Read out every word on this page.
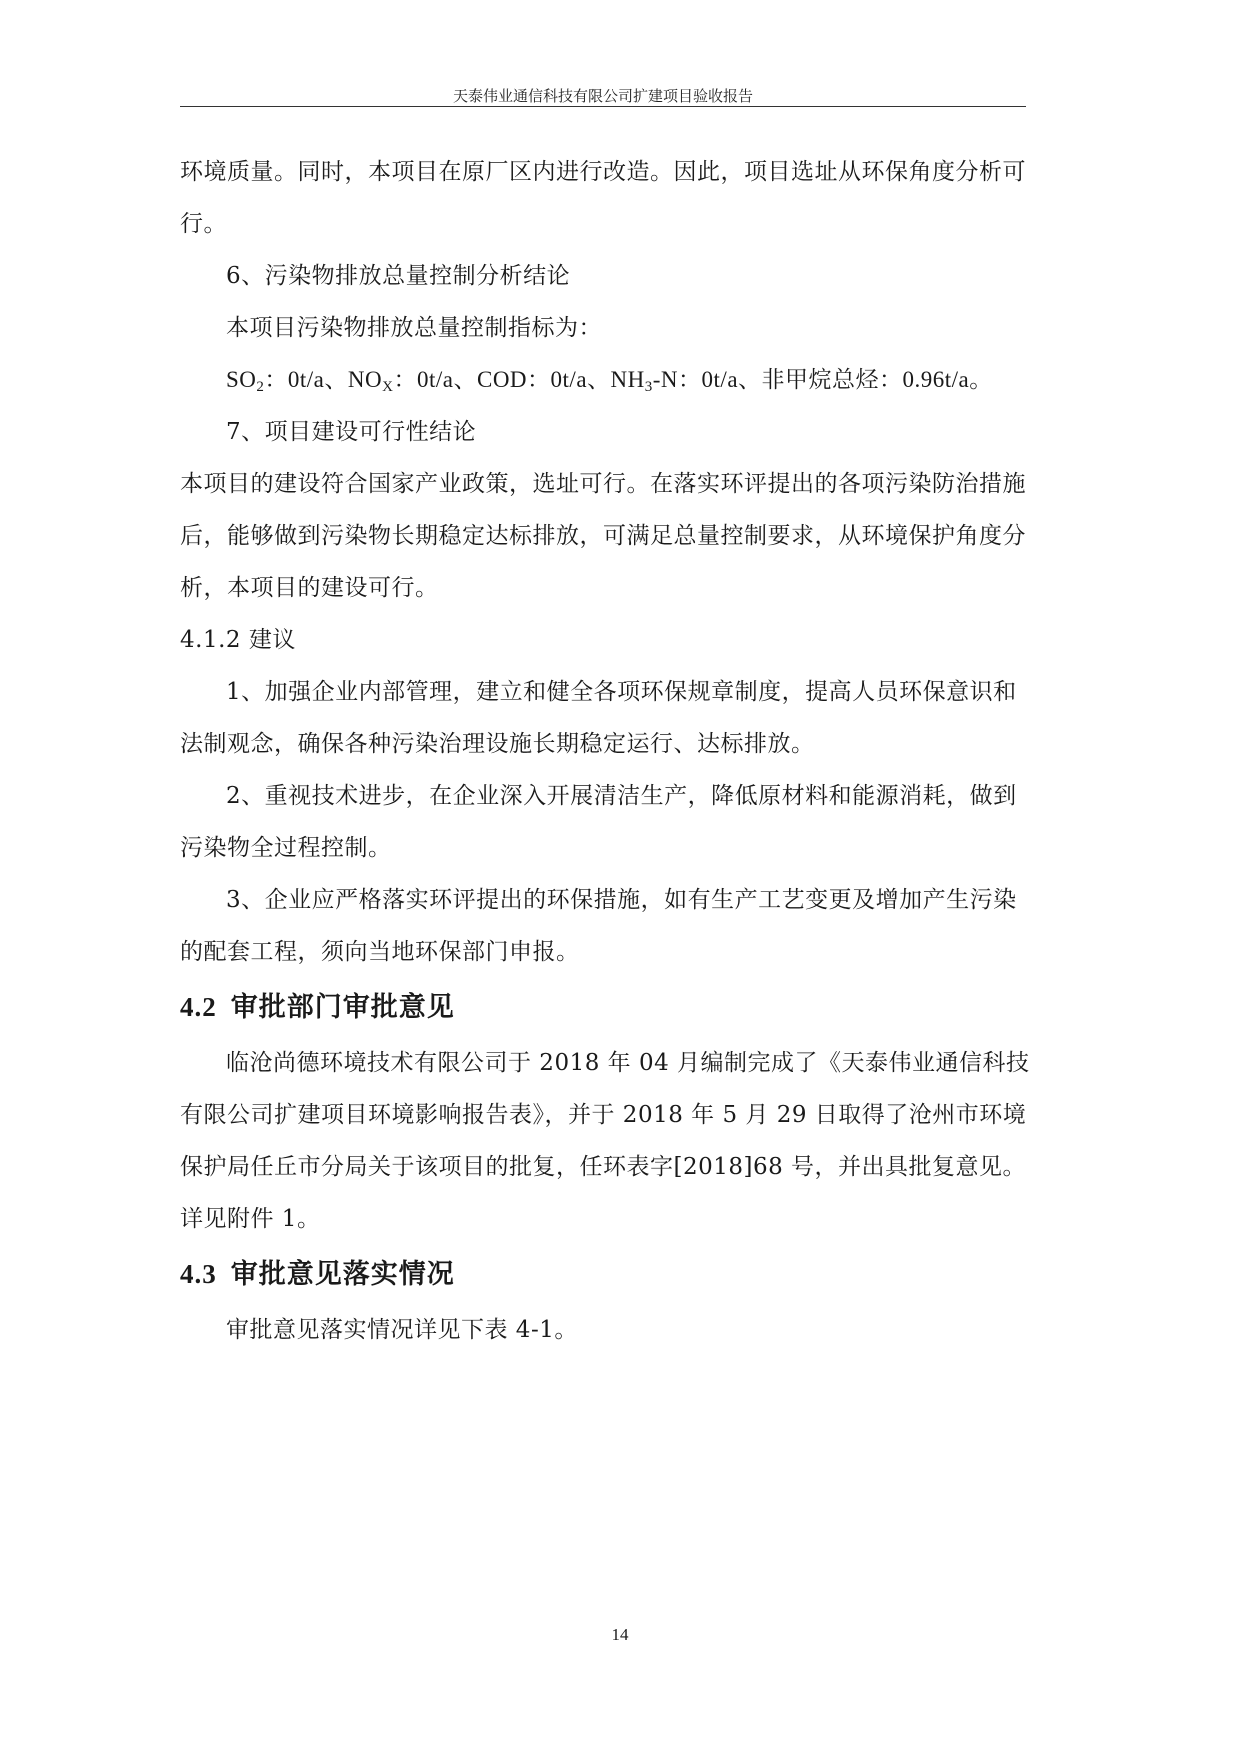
天泰伟业通信科技有限公司扩建项目验收报告

环境质量。同时，本项目在原厂区内进行改造。因此，项目选址从环保角度分析可行。

6、污染物排放总量控制分析结论

本项目污染物排放总量控制指标为：

$SO_2$：0t/a、$NO_X$：0t/a、COD：0t/a、$NH_3-N$：0t/a、非甲烷总烃：0.96t/a。

7、项目建设可行性结论

本项目的建设符合国家产业政策，选址可行。在落实环评提出的各项污染防治措施后，能够做到污染物长期稳定达标排放，可满足总量控制要求，从环境保护角度分析，本项目的建设可行。

4.1.2 建议

1、加强企业内部管理，建立和健全各项环保规章制度，提高人员环保意识和法制观念，确保各种污染治理设施长期稳定运行、达标排放。

2、重视技术进步，在企业深入开展清洁生产，降低原材料和能源消耗，做到污染物全过程控制。

3、企业应严格落实环评提出的环保措施，如有生产工艺变更及增加产生污染的配套工程，须向当地环保部门申报。

4.2 审批部门审批意见

临沧尚德环境技术有限公司于 2018 年 04 月编制完成了《天泰伟业通信科技有限公司扩建项目环境影响报告表》，并于 2018 年 5 月 29 日取得了沧州市环境保护局任丘市分局关于该项目的批复，任环表字[2018]68 号，并出具批复意见。详见附件 1。

4.3 审批意见落实情况

审批意见落实情况详见下表 4-1。

14
